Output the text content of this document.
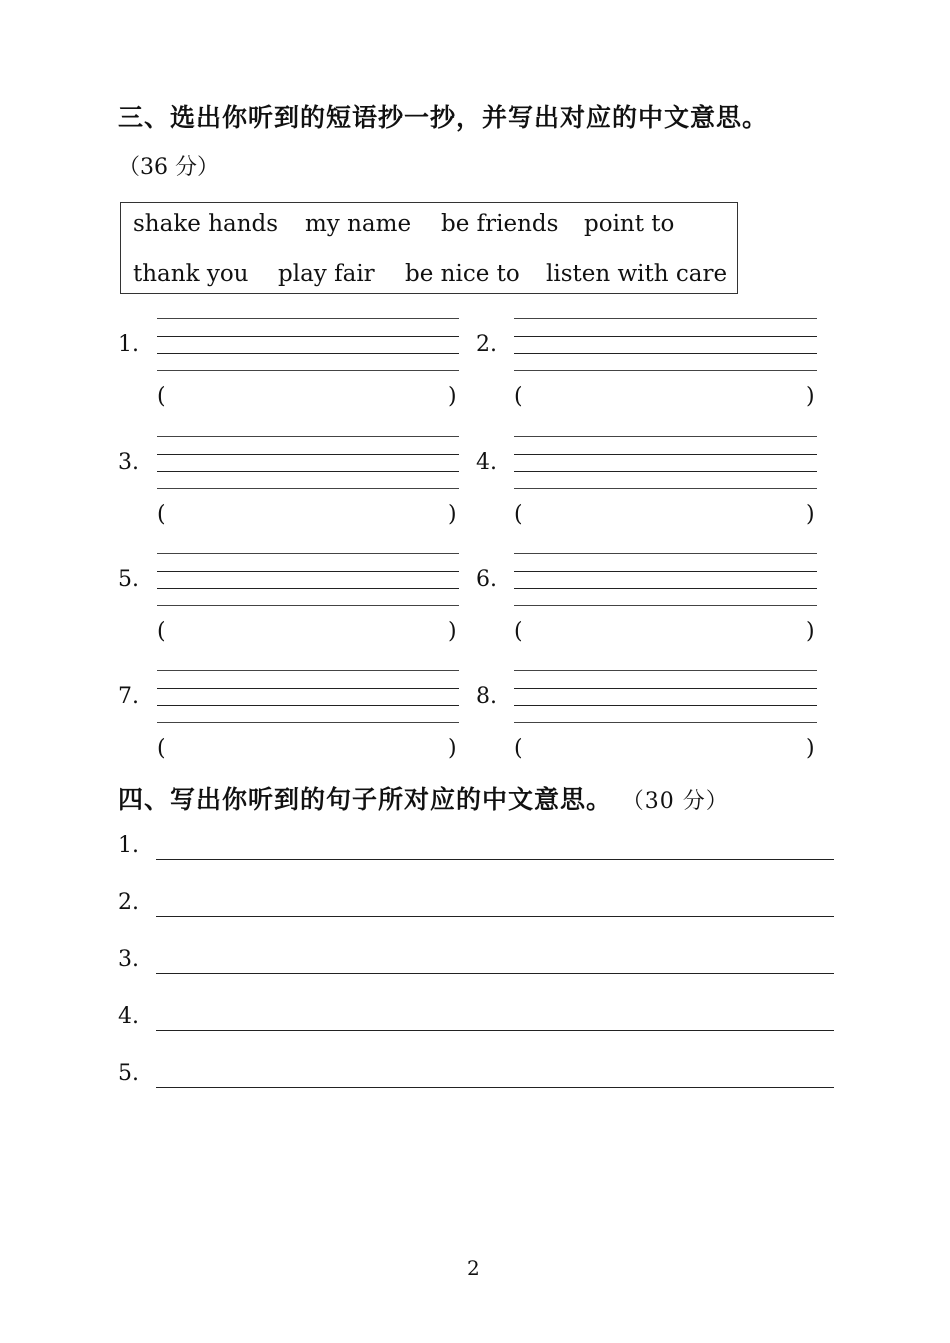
三、选出你听到的短语抄一抄，并写出对应的中文意思。
（36 分）
shake hands my name be friends point to
thank you play fair be nice to listen with care
1.
(	)
2.
(	)
3.
(	)
4.
(	)
5.
(	)
6.
(	)
7.
(	)
8.
(	)
四、写出你听到的句子所对应的中文意思。 （30 分）
1.
2.
3.
4.
5.
2
